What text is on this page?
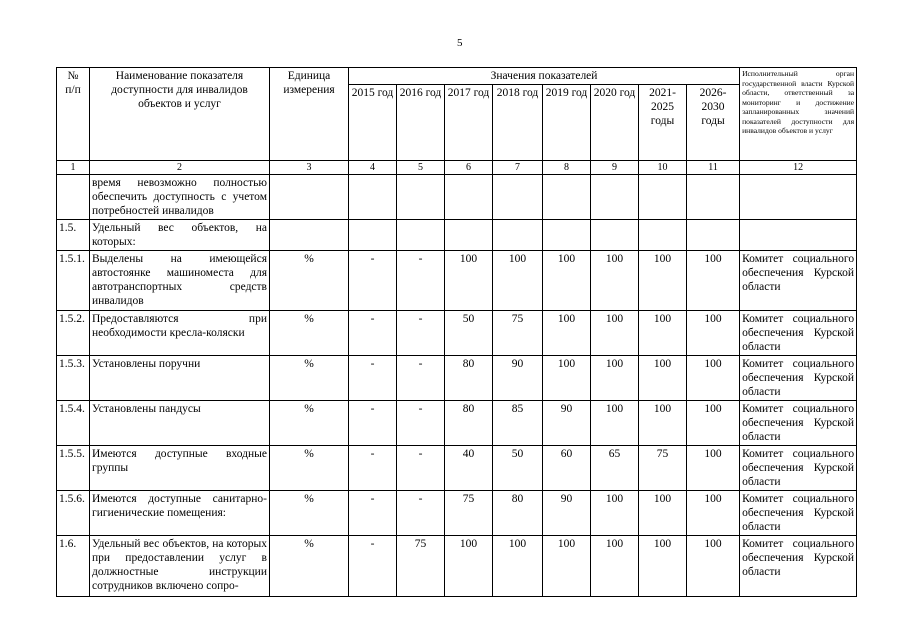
5
№
п/п	Наименование показателя доступности для инвалидов объектов и услуг	Единица измерения	Значения показателей								Исполнительный орган государственной власти Курской области, ответственный за мониторинг и достижение запланированных значений показателей доступности для инвалидов объектов и услуг
			2015 год	2016 год	2017 год	2018 год	2019 год	2020 год	2021-2025 годы	2026-2030 годы	
1	2	3	4	5	6	7	8	9	10	11	12
	время невозможно полностью обеспечить доступность с учетом потребностей инвалидов										
1.5.	Удельный вес объектов, на которых:										
1.5.1.	Выделены на имеющейся автостоянке машиноместа для автотранспортных средств инвалидов	%	-	-	100	100	100	100	100	100	Комитет социального обеспечения Курской области
1.5.2.	Предоставляются при необходимости кресла-коляски	%	-	-	50	75	100	100	100	100	Комитет социального обеспечения Курской области
1.5.3.	Установлены поручни	%	-	-	80	90	100	100	100	100	Комитет социального обеспечения Курской области
1.5.4.	Установлены пандусы	%	-	-	80	85	90	100	100	100	Комитет социального обеспечения Курской области
1.5.5.	Имеются доступные входные группы	%	-	-	40	50	60	65	75	100	Комитет социального обеспечения Курской области
1.5.6.	Имеются доступные санитарно-гигиенические помещения:	%	-	-	75	80	90	100	100	100	Комитет социального обеспечения Курской области
1.6.	Удельный вес объектов, на которых при предоставлении услуг в должностные инструкции сотрудников включено сопро-	%	-	75	100	100	100	100	100	100	Комитет социального обеспечения Курской области
